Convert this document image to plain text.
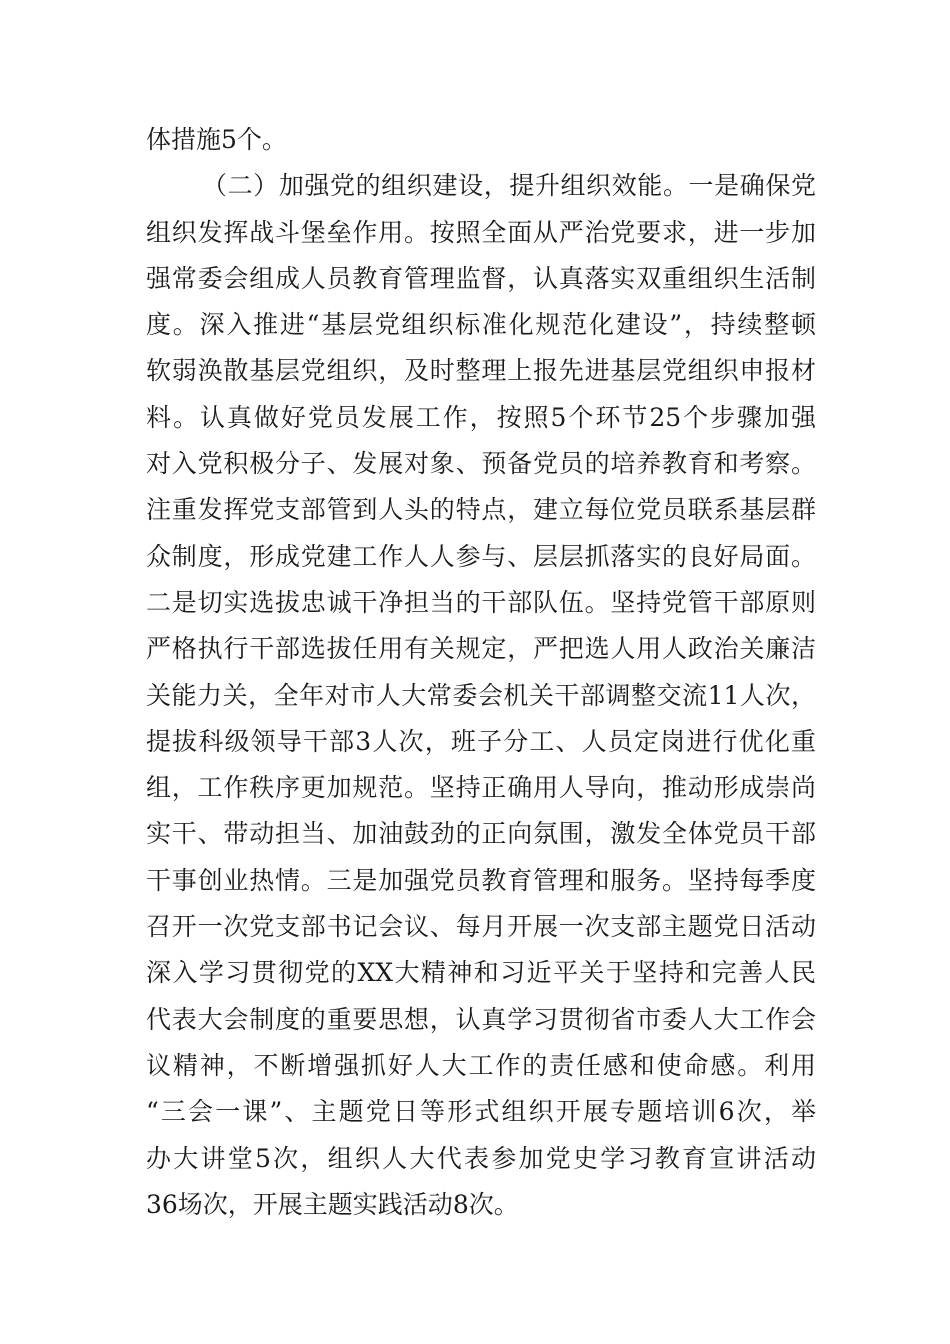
体措施5个。
（二）加强党的组织建设，提升组织效能。一是确保党
组织发挥战斗堡垒作用。按照全面从严治党要求，进一步加
强常委会组成人员教育管理监督，认真落实双重组织生活制
度。深入推进“基层党组织标准化规范化建设”，持续整顿
软弱涣散基层党组织，及时整理上报先进基层党组织申报材
料。认真做好党员发展工作，按照5个环节25个步骤加强
对入党积极分子、发展对象、预备党员的培养教育和考察。
注重发挥党支部管到人头的特点，建立每位党员联系基层群
众制度，形成党建工作人人参与、层层抓落实的良好局面。
二是切实选拔忠诚干净担当的干部队伍。坚持党管干部原则
严格执行干部选拔任用有关规定，严把选人用人政治关廉洁
关能力关，全年对市人大常委会机关干部调整交流11人次，
提拔科级领导干部3人次，班子分工、人员定岗进行优化重
组，工作秩序更加规范。坚持正确用人导向，推动形成崇尚
实干、带动担当、加油鼓劲的正向氛围，激发全体党员干部
干事创业热情。三是加强党员教育管理和服务。坚持每季度
召开一次党支部书记会议、每月开展一次支部主题党日活动
深入学习贯彻党的XX大精神和习近平关于坚持和完善人民
代表大会制度的重要思想，认真学习贯彻省市委人大工作会
议精神，不断增强抓好人大工作的责任感和使命感。利用
“三会一课”、主题党日等形式组织开展专题培训6次，举
办大讲堂5次，组织人大代表参加党史学习教育宣讲活动
36场次，开展主题实践活动8次。
